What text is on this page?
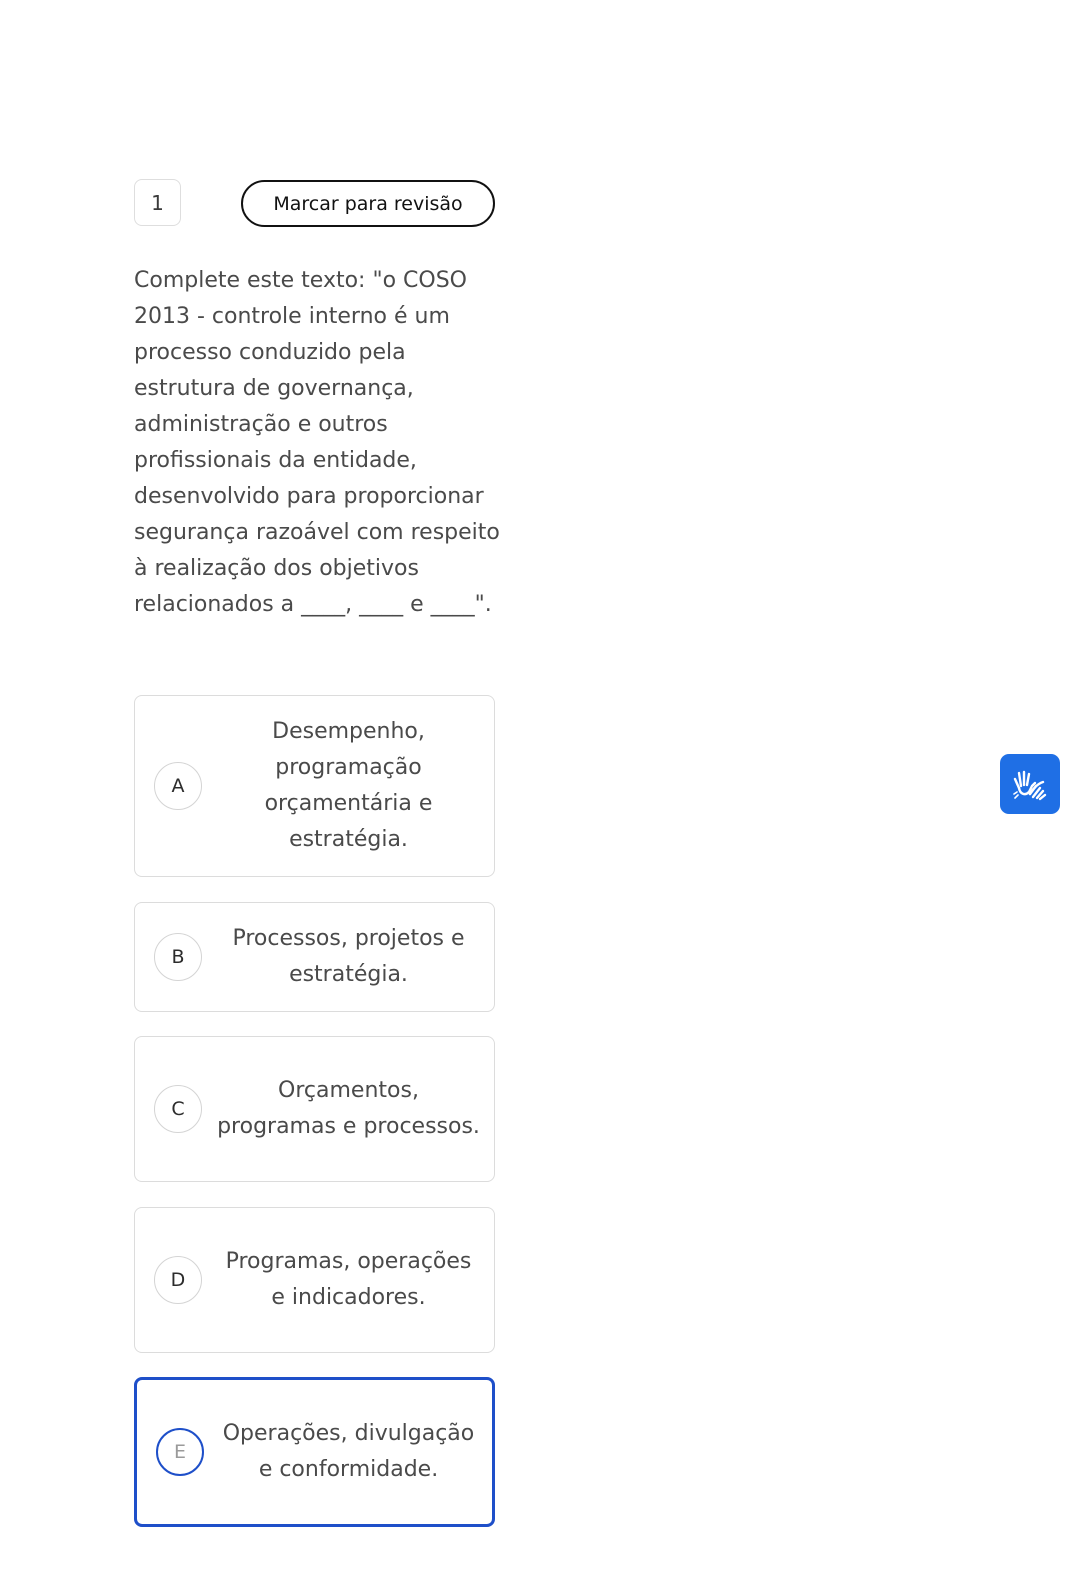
1	Marcar para revisão

Complete este texto: "o COSO 2013 - controle interno é um processo conduzido pela estrutura de governança, administração e outros profissionais da entidade, desenvolvido para proporcionar segurança razoável com respeito à realização dos objetivos relacionados a ____, ____ e ____".

A
Desempenho, programação orçamentária e estratégia.
B
Processos, projetos e estratégia.
C
Orçamentos, programas e processos.
D
Programas, operações e indicadores.
E
Operações, divulgação e conformidade.
